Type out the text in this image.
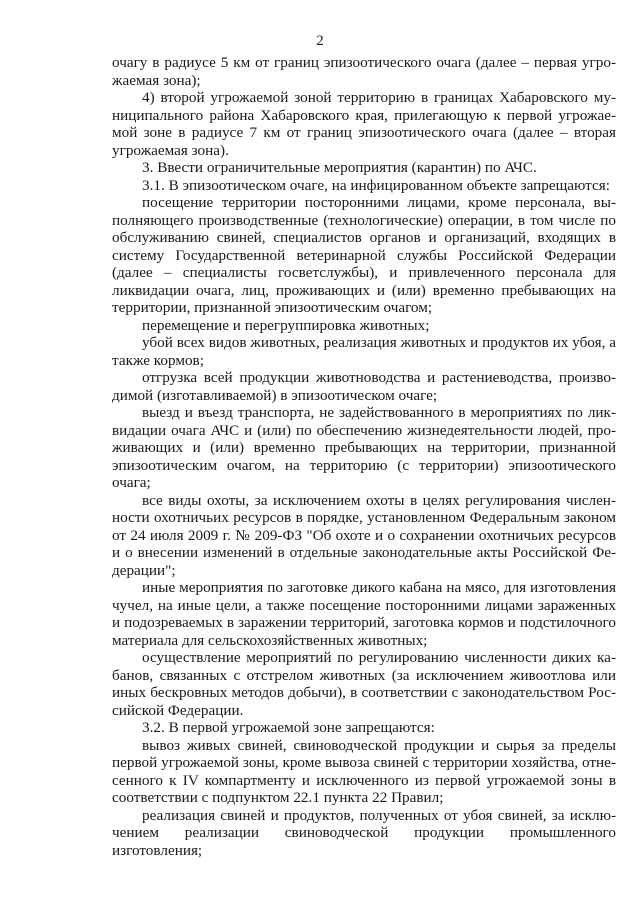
2

очагу в радиусе 5 км от границ эпизоотического очага (далее – первая угрожаемая зона);

4) второй угрожаемой зоной территорию в границах Хабаровского муниципального района Хабаровского края, прилегающую к первой угрожаемой зоне в радиусе 7 км от границ эпизоотического очага (далее – вторая угрожаемая зона).

3. Ввести ограничительные мероприятия (карантин) по АЧС.

3.1. В эпизоотическом очаге, на инфицированном объекте запрещаются:

посещение территории посторонними лицами, кроме персонала, выполняющего производственные (технологические) операции, в том числе по обслуживанию свиней, специалистов органов и организаций, входящих в систему Государственной ветеринарной службы Российской Федерации (далее – специалисты госветслужбы), и привлеченного персонала для ликвидации очага, лиц, проживающих и (или) временно пребывающих на территории, признанной эпизоотическим очагом;

перемещение и перегруппировка животных;

убой всех видов животных, реализация животных и продуктов их убоя, а также кормов;

отгрузка всей продукции животноводства и растениеводства, производимой (изготавливаемой) в эпизоотическом очаге;

выезд и въезд транспорта, не задействованного в мероприятиях по ликвидации очага АЧС и (или) по обеспечению жизнедеятельности людей, проживающих и (или) временно пребывающих на территории, признанной эпизоотическим очагом, на территорию (с территории) эпизоотического очага;

все виды охоты, за исключением охоты в целях регулирования численности охотничьих ресурсов в порядке, установленном Федеральным законом от 24 июля 2009 г. № 209-ФЗ "Об охоте и о сохранении охотничьих ресурсов и о внесении изменений в отдельные законодательные акты Российской Федерации";

иные мероприятия по заготовке дикого кабана на мясо, для изготовления чучел, на иные цели, а также посещение посторонними лицами зараженных и подозреваемых в заражении территорий, заготовка кормов и подстилочного материала для сельскохозяйственных животных;

осуществление мероприятий по регулированию численности диких кабанов, связанных с отстрелом животных (за исключением живоотлова или иных бескровных методов добычи), в соответствии с законодательством Российской Федерации.

3.2. В первой угрожаемой зоне запрещаются:

вывоз живых свиней, свиноводческой продукции и сырья за пределы первой угрожаемой зоны, кроме вывоза свиней с территории хозяйства, отнесенного к IV компартменту и исключенного из первой угрожаемой зоны в соответствии с подпунктом 22.1 пункта 22 Правил;

реализация свиней и продуктов, полученных от убоя свиней, за исключением реализации свиноводческой продукции промышленного изготовления;
